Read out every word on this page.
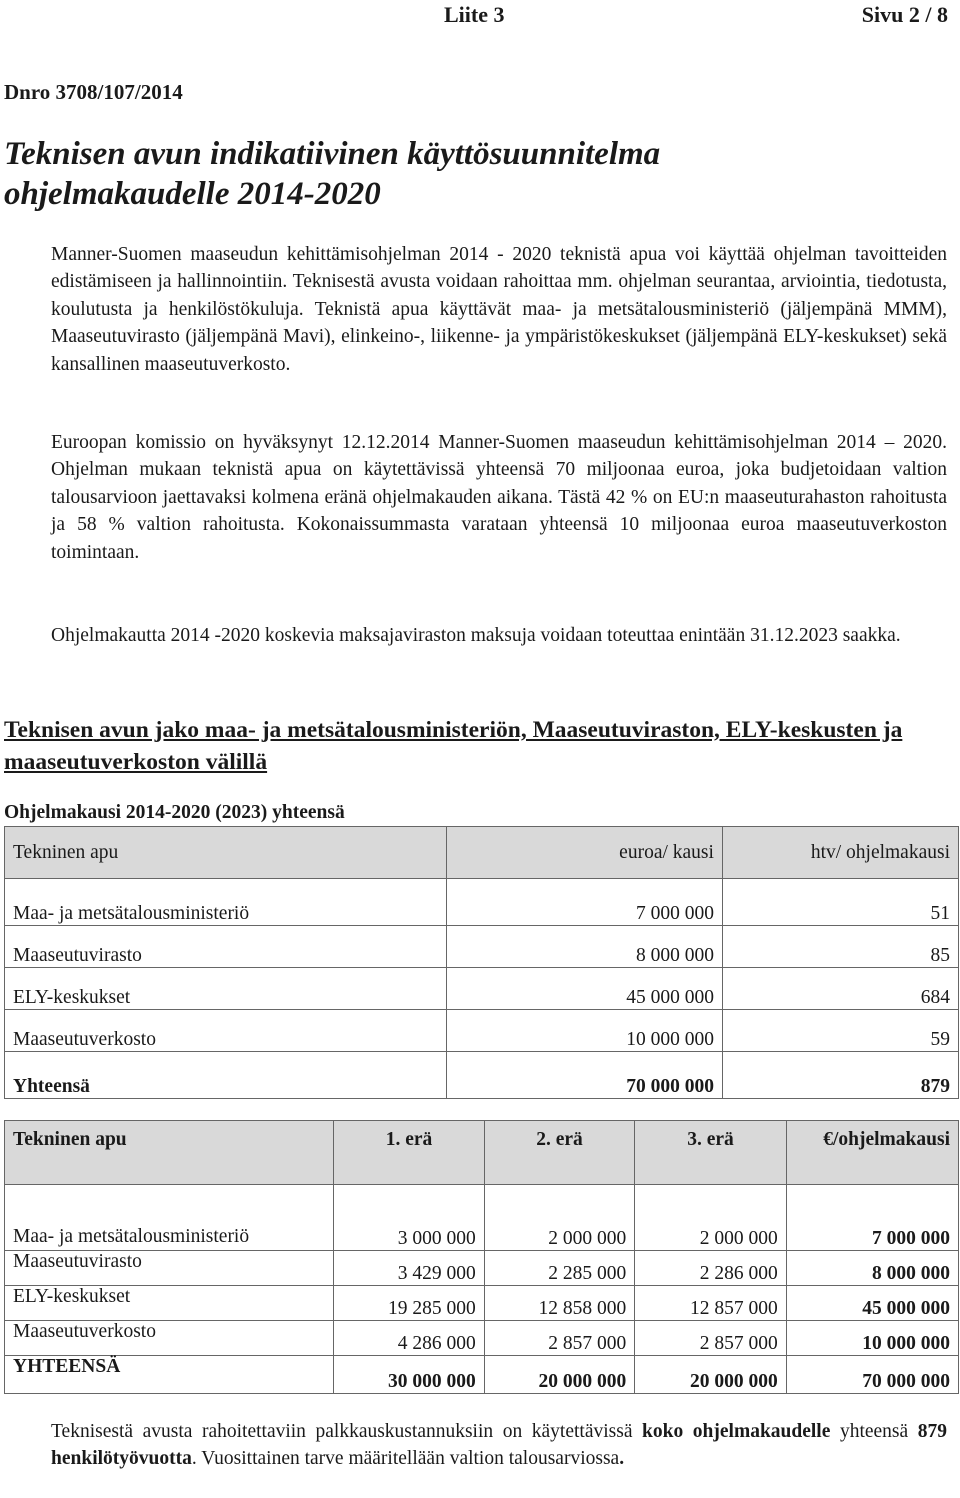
Liite 3	Sivu 2 / 8
Dnro 3708/107/2014
Teknisen avun indikatiivinen käyttösuunnitelma
ohjelmakaudelle 2014-2020
Manner-Suomen maaseudun kehittämisohjelman 2014 - 2020 teknistä apua voi käyttää ohjelman tavoitteiden edistämiseen ja hallinnointiin. Teknisestä avusta voidaan rahoittaa mm. ohjelman seurantaa, arviointia, tiedotusta, koulutusta ja henkilöstökuluja. Teknistä apua käyttävät maa- ja metsätalousministeriö (jäljempänä MMM), Maaseutuvirasto (jäljempänä Mavi), elinkeino-, liikenne- ja ympäristökeskukset (jäljempänä ELY-keskukset) sekä kansallinen maaseutuverkosto.
Euroopan komissio on hyväksynyt 12.12.2014 Manner-Suomen maaseudun kehittämisohjelman 2014 – 2020. Ohjelman mukaan teknistä apua on käytettävissä yhteensä 70 miljoonaa euroa, joka budjetoidaan valtion talousarvioon jaettavaksi kolmena eränä ohjelmakauden aikana. Tästä 42 % on EU:n maaseuturahaston rahoitusta ja 58 % valtion rahoitusta. Kokonaissummasta varataan yhteensä 10 miljoonaa euroa maaseutuverkoston toimintaan.
Ohjelmakautta 2014 -2020 koskevia maksajaviraston maksuja voidaan toteuttaa enintään 31.12.2023 saakka.
Teknisen avun jako maa- ja metsätalousministeriön, Maaseutuviraston, ELY-keskusten ja maaseutuverkoston välillä
Ohjelmakausi 2014-2020 (2023) yhteensä
Tekninen apu	euroa/ kausi	htv/ ohjelmakausi
Maa- ja metsätalousministeriö	7 000 000	51
Maaseutuvirasto	8 000 000	85
ELY-keskukset	45 000 000	684
Maaseutuverkosto	10 000 000	59
Yhteensä	70 000 000	879
Tekninen apu	1. erä	2. erä	3. erä	€/ohjelmakausi
Maa- ja metsätalousministeriö	3 000 000	2 000 000	2 000 000	7 000 000
Maaseutuvirasto	3 429 000	2 285 000	2 286 000	8 000 000
ELY-keskukset	19 285 000	12 858 000	12 857 000	45 000 000
Maaseutuverkosto	4 286 000	2 857 000	2 857 000	10 000 000
YHTEENSÄ	30 000 000	20 000 000	20 000 000	70 000 000
Teknisestä avusta rahoitettaviin palkkauskustannuksiin on käytettävissä koko ohjelmakaudelle yhteensä 879 henkilötyövuotta. Vuosittainen tarve määritellään valtion talousarviossa.
